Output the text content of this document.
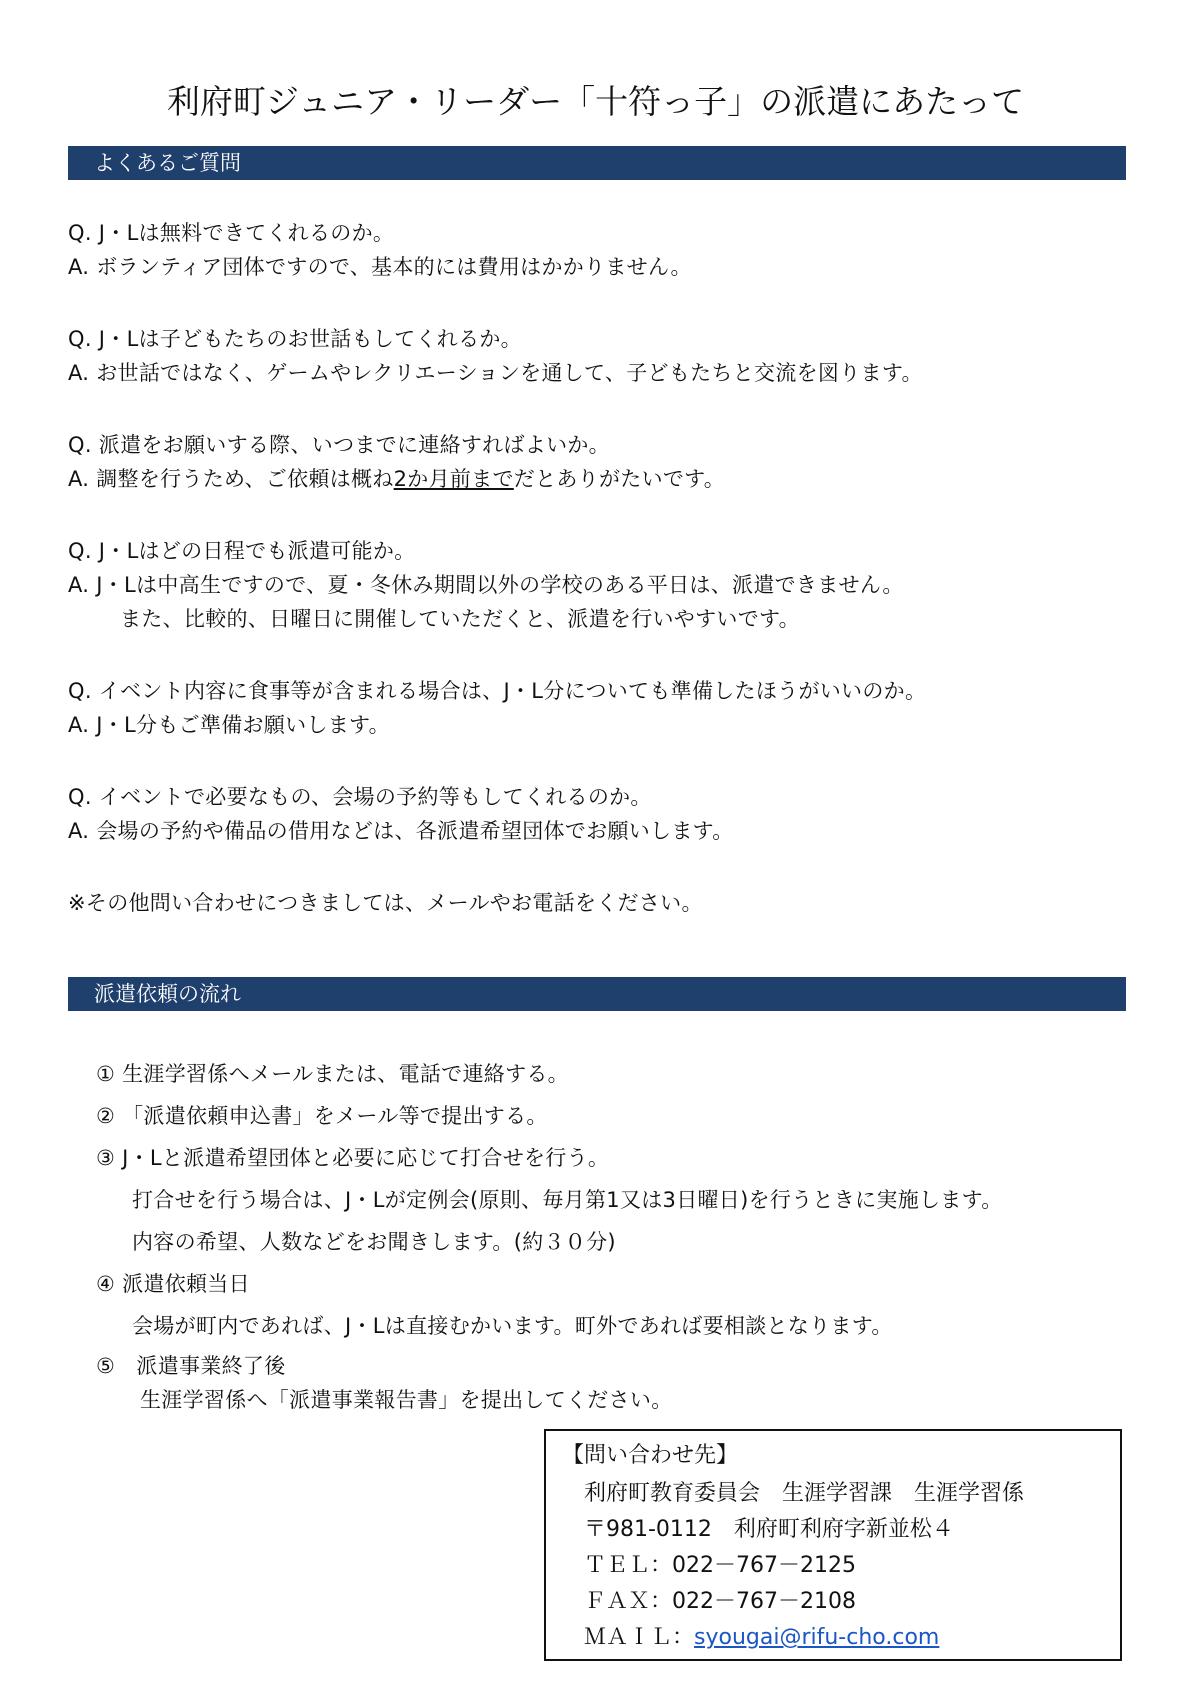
利府町ジュニア・リーダー「十符っ子」の派遣にあたって
よくあるご質問
Q. J・Lは無料できてくれるのか。
A. ボランティア団体ですので、基本的には費用はかかりません。
Q. J・Lは子どもたちのお世話もしてくれるか。
A. お世話ではなく、ゲームやレクリエーションを通して、子どもたちと交流を図ります。
Q. 派遣をお願いする際、いつまでに連絡すればよいか。
A. 調整を行うため、ご依頼は概ね2か月前までだとありがたいです。
Q. J・Lはどの日程でも派遣可能か。
A. J・Lは中高生ですので、夏・冬休み期間以外の学校のある平日は、派遣できません。
また、比較的、日曜日に開催していただくと、派遣を行いやすいです。
Q. イベント内容に食事等が含まれる場合は、J・L分についても準備したほうがいいのか。
A. J・L分もご準備お願いします。
Q. イベントで必要なもの、会場の予約等もしてくれるのか。
A. 会場の予約や備品の借用などは、各派遣希望団体でお願いします。
※その他問い合わせにつきましては、メールやお電話をください。
派遣依頼の流れ
① 生涯学習係へメールまたは、電話で連絡する。
② 「派遣依頼申込書」をメール等で提出する。
③ J・Lと派遣希望団体と必要に応じて打合せを行う。
打合せを行う場合は、J・Lが定例会(原則、毎月第1又は3日曜日)を行うときに実施します。
内容の希望、人数などをお聞きします。(約３０分)
④ 派遣依頼当日
会場が町内であれば、J・Lは直接むかいます。町外であれば要相談となります。
⑤　派遣事業終了後
生涯学習係へ「派遣事業報告書」を提出してください。
【問い合わせ先】
利府町教育委員会　生涯学習課　生涯学習係
〒981-0112　利府町利府字新並松４
ＴＥＬ：022－767－2125
ＦＡＸ：022－767－2108
ＭＡＩＬ：syougai@rifu-cho.com
